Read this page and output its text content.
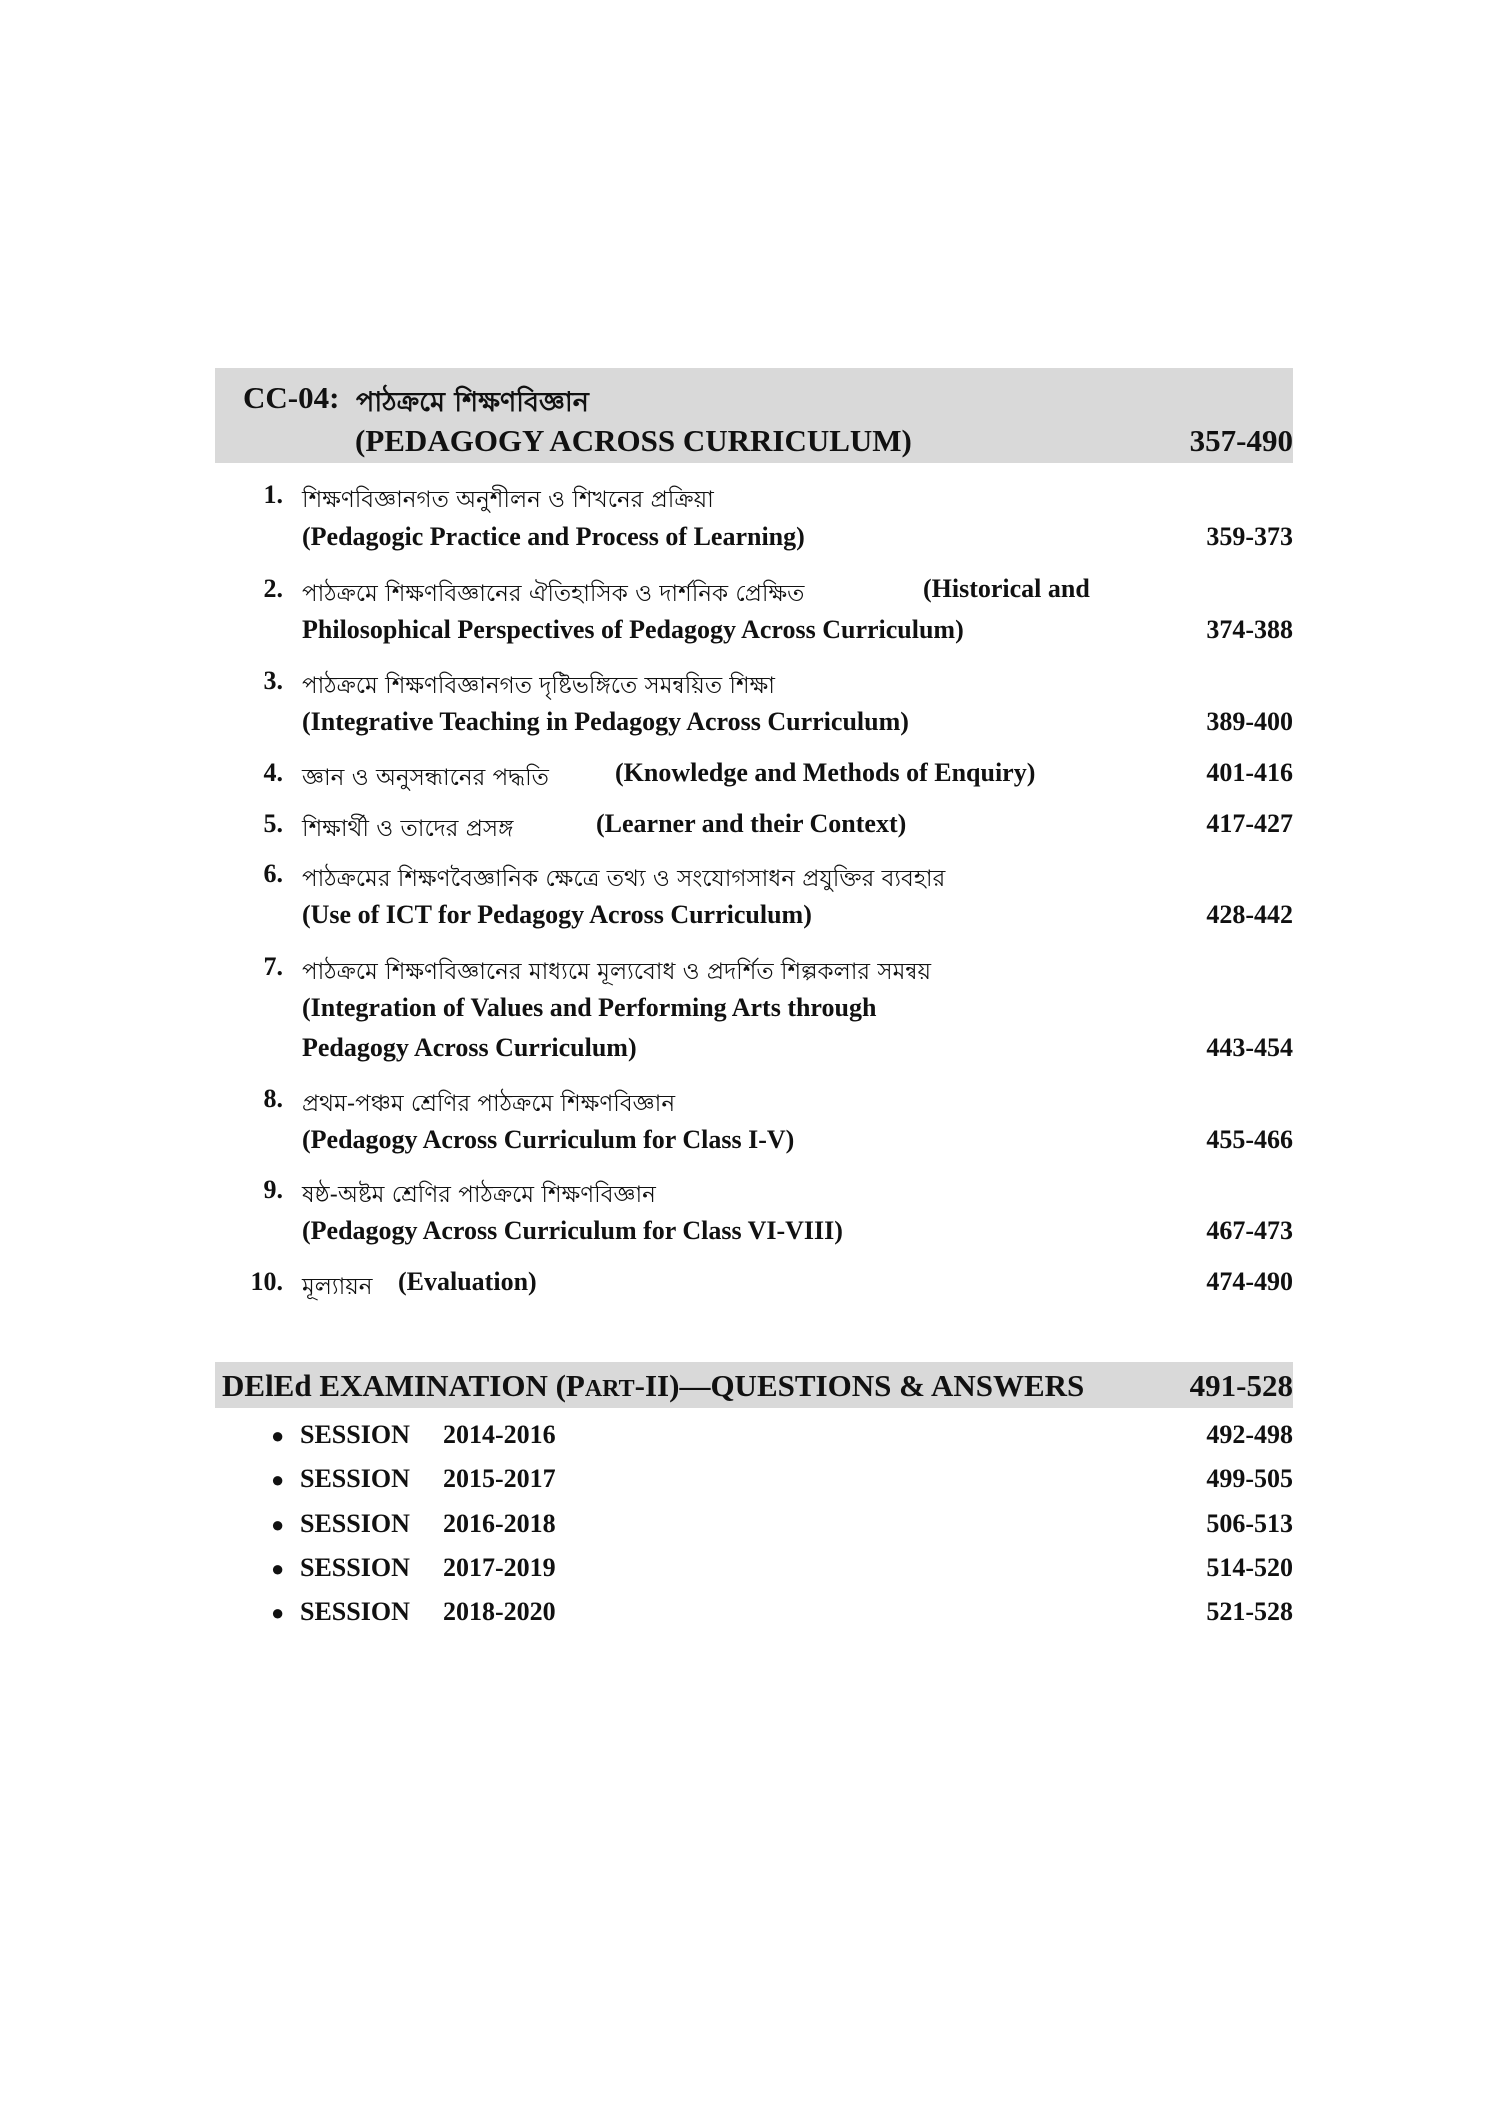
CC-04: পাঠক্রমে শিক্ষণবিজ্ঞান
(PEDAGOGY ACROSS CURRICULUM)	357-490
1. শিক্ষণবিজ্ঞানগত অনুশীলন ও শিখনের প্রক্রিয়া
(Pedagogic Practice and Process of Learning)	359-373
2. পাঠক্রমে শিক্ষণবিজ্ঞানের ঐতিহাসিক ও দার্শনিক প্রেক্ষিত	(Historical and
Philosophical Perspectives of Pedagogy Across Curriculum)	374-388
3. পাঠক্রমে শিক্ষণবিজ্ঞানগত দৃষ্টিভঙ্গিতে সমন্বয়িত শিক্ষা
(Integrative Teaching in Pedagogy Across Curriculum)	389-400
4. জ্ঞান ও অনুসন্ধানের পদ্ধতি	(Knowledge and Methods of Enquiry)	401-416
5. শিক্ষার্থী ও তাদের প্রসঙ্গ	(Learner and their Context)	417-427
6. পাঠক্রমের শিক্ষণবৈজ্ঞানিক ক্ষেত্রে তথ্য ও সংযোগসাধন প্রযুক্তির ব্যবহার
(Use of ICT for Pedagogy Across Curriculum)	428-442
7. পাঠক্রমে শিক্ষণবিজ্ঞানের মাধ্যমে মূল্যবোধ ও প্রদর্শিত শিল্পকলার সমন্বয়
(Integration of Values and Performing Arts through
Pedagogy Across Curriculum)	443-454
8. প্রথম-পঞ্চম শ্রেণির পাঠক্রমে শিক্ষণবিজ্ঞান
(Pedagogy Across Curriculum for Class I-V)	455-466
9. ষষ্ঠ-অষ্টম শ্রেণির পাঠক্রমে শিক্ষণবিজ্ঞান
(Pedagogy Across Curriculum for Class VI-VIII)	467-473
10. মূল্যায়ন (Evaluation)	474-490
DElEd EXAMINATION (PART-II)—QUESTIONS & ANSWERS	491-528
● SESSION 2014-2016	492-498
● SESSION 2015-2017	499-505
● SESSION 2016-2018	506-513
● SESSION 2017-2019	514-520
● SESSION 2018-2020	521-528
